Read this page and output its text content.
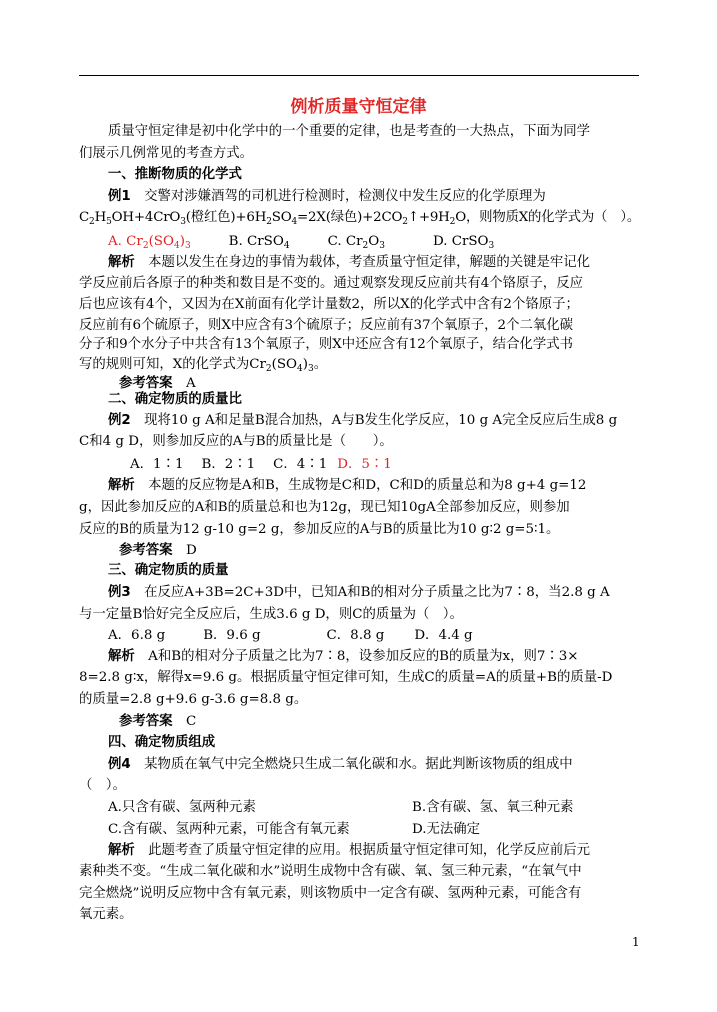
例析质量守恒定律
质量守恒定律是初中化学中的一个重要的定律，也是考查的一大热点，下面为同学
们展示几例常见的考查方式。
一、推断物质的化学式
例1　 交警对涉嫌酒驾的司机进行检测时，检测仪中发生反应的化学原理为
$C_2H_5OH+4CrO_3$(橙红色)$+6H_2SO_4=2X$(绿色)$+2CO_2↑+9H_2O$，则物质X的化学式为（　）。
A. $Cr_2(SO_4)_3$	B. CrSO$_4$	C. $Cr_2O_3$	D. CrSO$_3$
解析　 本题以发生在身边的事情为载体，考查质量守恒定律，解题的关键是牢记化
学反应前后各原子的种类和数目是不变的。通过观察发现反应前共有4个铬原子，反应
后也应该有4个，又因为在X前面有化学计量数2，所以X的化学式中含有2个铬原子；
反应前有6个硫原子，则X中应含有3个硫原子；反应前有37个氧原子，2个二氧化碳
分子和9个水分子中共含有13个氧原子，则X中还应含有12个氧原子，结合化学式书
写的规则可知，X的化学式为$Cr_2(SO_4)_3$。
参考答案　 A
二、确定物质的质量比
例2　 现将10 g A和足量B混合加热，A与B发生化学反应，10 g A完全反应后生成8 g
C和4 g D，则参加反应的A与B的质量比是（　　）。
A．1∶1 B．2∶1 C．4∶1 D．5∶1
解析　 本题的反应物是A和B，生成物是C和D，C和D的质量总和为8 g+4 g=12
g，因此参加反应的A和B的质量总和也为12g，现已知10gA全部参加反应，则参加
反应的B的质量为12 g-10 g=2 g，参加反应的A与B的质量比为10 g∶2 g=5∶1。
参考答案　 D
三、确定物质的质量
例3　 在反应A+3B=2C+3D中，已知A和B的相对分子质量之比为7∶8，当2.8 g A
与一定量B恰好完全反应后，生成3.6 g D，则C的质量为（　）。
A．6.8 g	B．9.6 g	C．8.8 g D．4.4 g
解析　 A和B的相对分子质量之比为7∶8，设参加反应的B的质量为x，则7∶3×
8=2.8 g∶x，解得x=9.6 g。根据质量守恒定律可知，生成C的质量=A的质量+B的质量-D
的质量=2.8 g+9.6 g-3.6 g=8.8 g。
参考答案　 C
四、确定物质组成
例4　 某物质在氧气中完全燃烧只生成二氧化碳和水。据此判断该物质的组成中
（　）。
A.只含有碳、氢两种元素	B.含有碳、氢、氧三种元素
C.含有碳、氢两种元素，可能含有氧元素	D.无法确定
解析　 此题考查了质量守恒定律的应用。根据质量守恒定律可知，化学反应前后元
素种类不变。“生成二氧化碳和水”说明生成物中含有碳、氧、氢三种元素，“在氧气中
完全燃烧”说明反应物中含有氧元素，则该物质中一定含有碳、氢两种元素，可能含有
氧元素。
1
